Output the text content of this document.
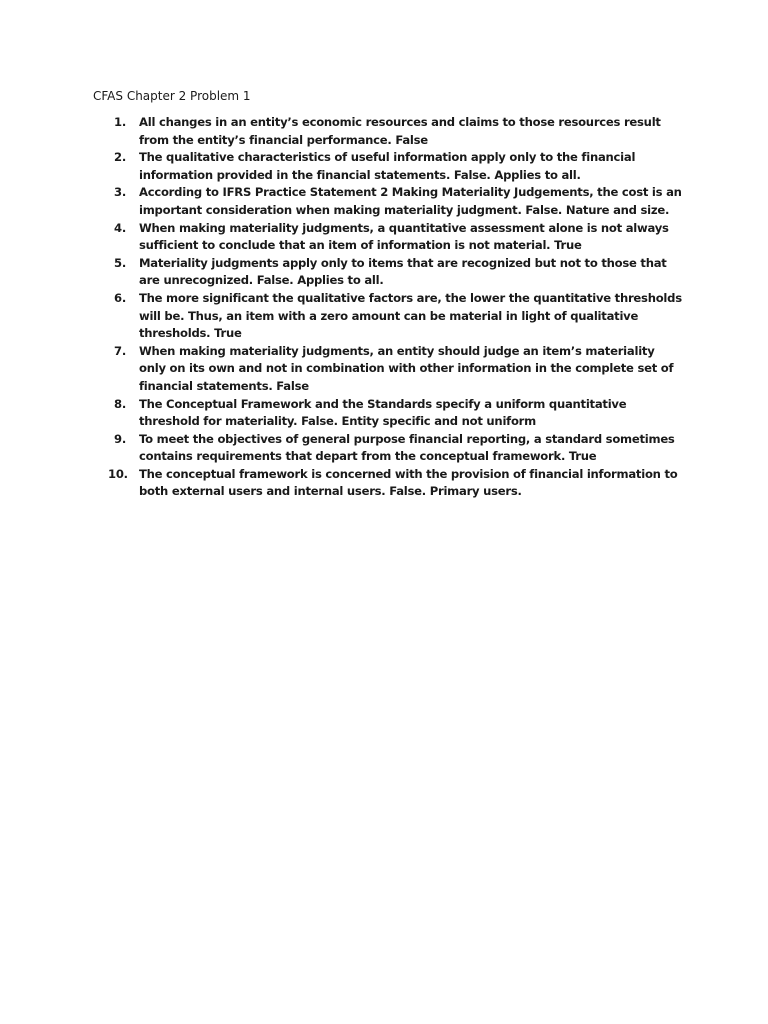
CFAS Chapter 2 Problem 1
1.	All changes in an entity’s economic resources and claims to those resources result from the entity’s financial performance. False
2.	The qualitative characteristics of useful information apply only to the financial information provided in the financial statements. False. Applies to all.
3.	According to IFRS Practice Statement 2 Making Materiality Judgements, the cost is an important consideration when making materiality judgment. False. Nature and size.
4.	When making materiality judgments, a quantitative assessment alone is not always sufficient to conclude that an item of information is not material. True
5.	Materiality judgments apply only to items that are recognized but not to those that are unrecognized. False. Applies to all.
6.	The more significant the qualitative factors are, the lower the quantitative thresholds will be. Thus, an item with a zero amount can be material in light of qualitative thresholds. True
7.	When making materiality judgments, an entity should judge an item’s materiality only on its own and not in combination with other information in the complete set of financial statements. False
8.	The Conceptual Framework and the Standards specify a uniform quantitative threshold for materiality. False. Entity specific and not uniform
9.	To meet the objectives of general purpose financial reporting, a standard sometimes contains requirements that depart from the conceptual framework. True
10. The conceptual framework is concerned with the provision of financial information to both external users and internal users. False. Primary users.
